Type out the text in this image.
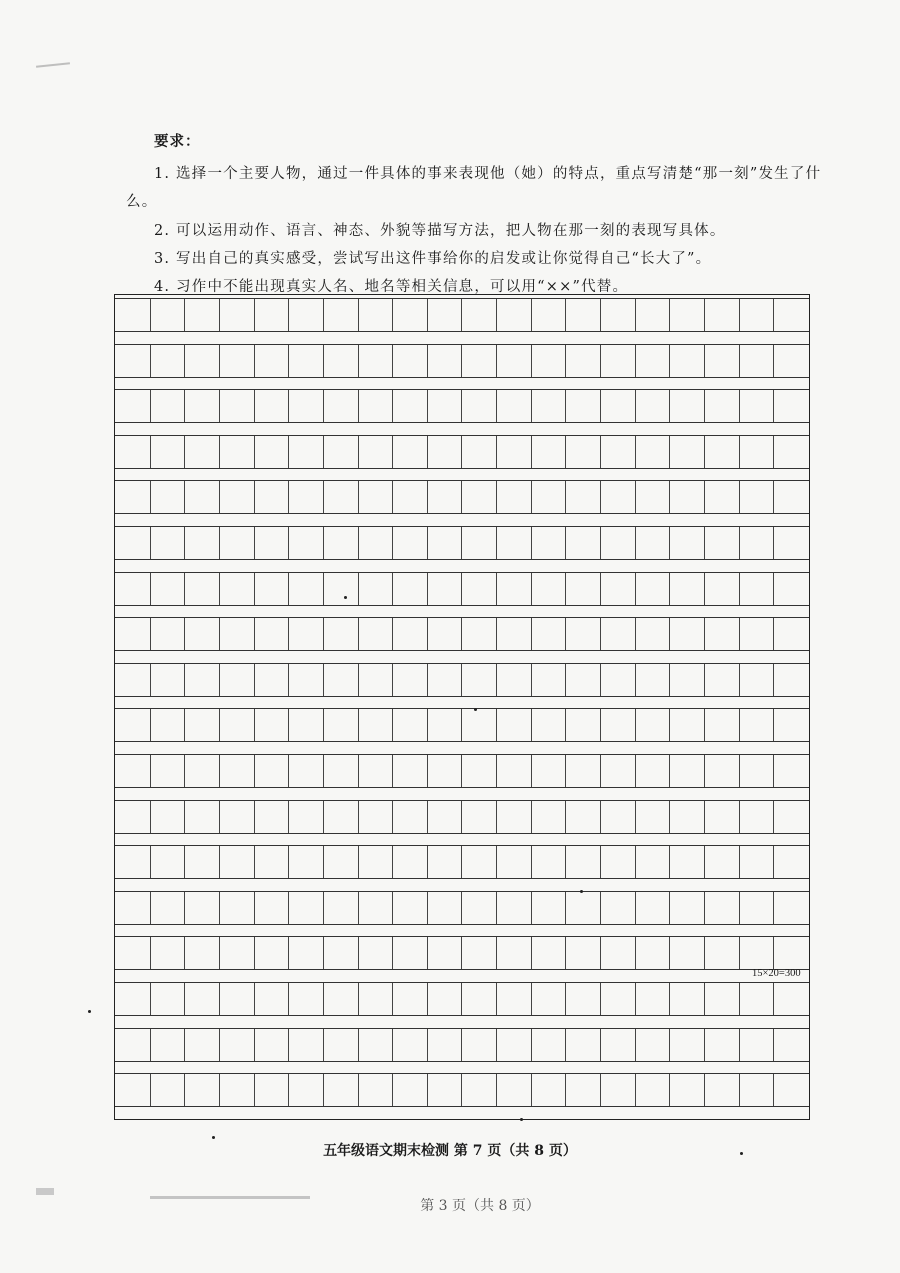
要求：
1. 选择一个主要人物，通过一件具体的事来表现他（她）的特点，重点写清楚“那一刻”发生了什
么。
2. 可以运用动作、语言、神态、外貌等描写方法，把人物在那一刻的表现写具体。
3. 写出自己的真实感受，尝试写出这件事给你的启发或让你觉得自己“长大了”。
4. 习作中不能出现真实人名、地名等相关信息，可以用“××”代替。
15×20=300
五年级语文期末检测 第 7 页（共 8 页）
第 3 页（共 8 页）
